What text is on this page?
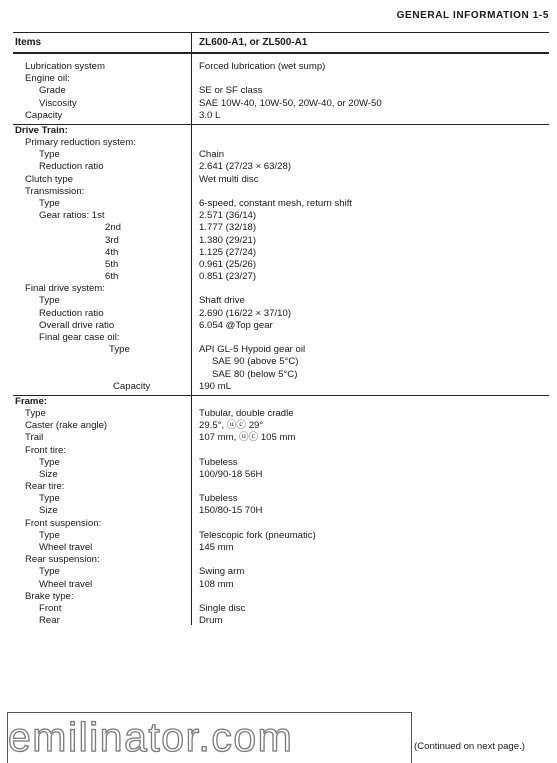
GENERAL INFORMATION 1-5
Items	ZL600-A1, or ZL500-A1
Lubrication system	Forced lubrication (wet sump)
Engine oil:
Grade	SE or SF class
Viscosity	SAE 10W-40, 10W-50, 20W-40, or 20W-50
Capacity	3.0 L
Drive Train:
Primary reduction system:
Type	Chain
Reduction ratio	2.641 (27/23 × 63/28)
Clutch type	Wet multi disc
Transmission:
Type	6-speed, constant mesh, return shift
Gear ratios: 1st	2.571 (36/14)
2nd	1.777 (32/18)
3rd	1.380 (29/21)
4th	1.125 (27/24)
5th	0.961 (25/26)
6th	0.851 (23/27)
Final drive system:
Type	Shaft drive
Reduction ratio	2.690 (16/22 × 37/10)
Overall drive ratio	6.054 @Top gear
Final gear case oil:
Type	API GL-5 Hypoid gear oil
SAE 90 (above 5°C)
SAE 80 (below 5°C)
Capacity	190 mL
Frame:
Type	Tubular, double cradle
Caster (rake angle)	29.5°, ⓤⓒ 29°
Trail	107 mm, ⓤⓒ 105 mm
Front tire:
Type	Tubeless
Size	100/90-18 56H
Rear tire:
Type	Tubeless
Size	150/80-15 70H
Front suspension:
Type	Telescopic fork (pneumatic)
Wheel travel	145 mm
Rear suspension:
Type	Swing arm
Wheel travel	108 mm
Brake type:
Front	Single disc
Rear	Drum
emilinator.com	(Continued on next page.)
